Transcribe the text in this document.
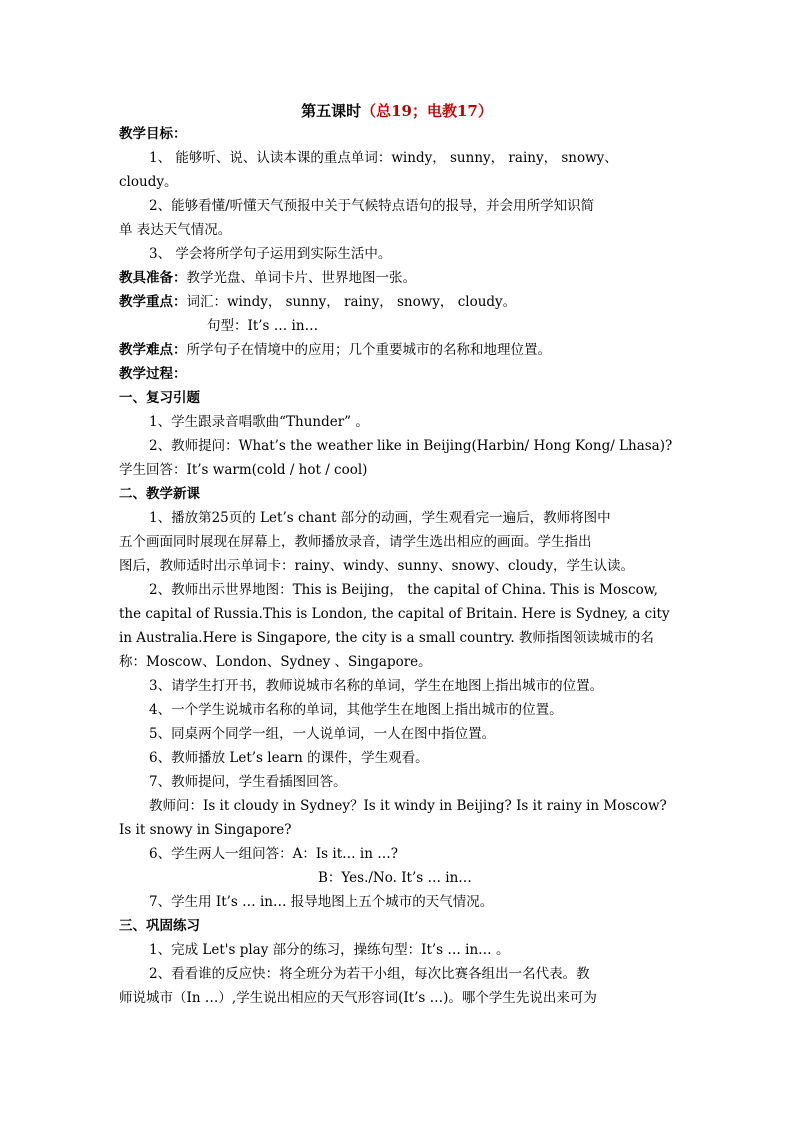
第五课时（总19；电教17）
教学目标：
1、 能够听、说、认读本课的重点单词：windy， sunny， rainy， snowy、
cloudy。
2、能够看懂/听懂天气预报中关于气候特点语句的报导，并会用所学知识简
单 表达天气情况。
3、 学会将所学句子运用到实际生活中。
教具准备：教学光盘、单词卡片、世界地图一张。
教学重点：词汇：windy， sunny， rainy， snowy， cloudy。
句型：It’s … in…
教学难点：所学句子在情境中的应用；几个重要城市的名称和地理位置。
教学过程：
一、复习引题
1、学生跟录音唱歌曲“Thunder” 。
2、教师提问：What’s the weather like in Beijing(Harbin/ Hong Kong/ Lhasa)?
学生回答：It’s warm(cold / hot / cool)
二、教学新课
1、播放第25页的 Let’s chant 部分的动画，学生观看完一遍后，教师将图中
五个画面同时展现在屏幕上，教师播放录音，请学生选出相应的画面。学生指出
图后，教师适时出示单词卡：rainy、windy、sunny、snowy、cloudy，学生认读。
2、教师出示世界地图：This is Beijing， the capital of China. This is Moscow,
the capital of Russia.This is London, the capital of Britain. Here is Sydney, a city
in Australia.Here is Singapore, the city is a small country. 教师指图领读城市的名
称：Moscow、London、Sydney 、Singapore。
3、请学生打开书，教师说城市名称的单词，学生在地图上指出城市的位置。
4、一个学生说城市名称的单词，其他学生在地图上指出城市的位置。
5、同桌两个同学一组，一人说单词，一人在图中指位置。
6、教师播放 Let’s learn 的课件，学生观看。
7、教师提问，学生看插图回答。
教师问：Is it cloudy in Sydney？Is it windy in Beijing? Is it rainy in Moscow?
Is it snowy in Singapore?
6、学生两人一组问答：A：Is it… in …?
B：Yes./No. It’s … in…
7、学生用 It’s … in… 报导地图上五个城市的天气情况。
三、巩固练习
1、完成 Let's play 部分的练习，操练句型：It’s … in… 。
2、看看谁的反应快：将全班分为若干小组，每次比赛各组出一名代表。教
师说城市（In …）,学生说出相应的天气形容词(It’s …)。哪个学生先说出来可为
